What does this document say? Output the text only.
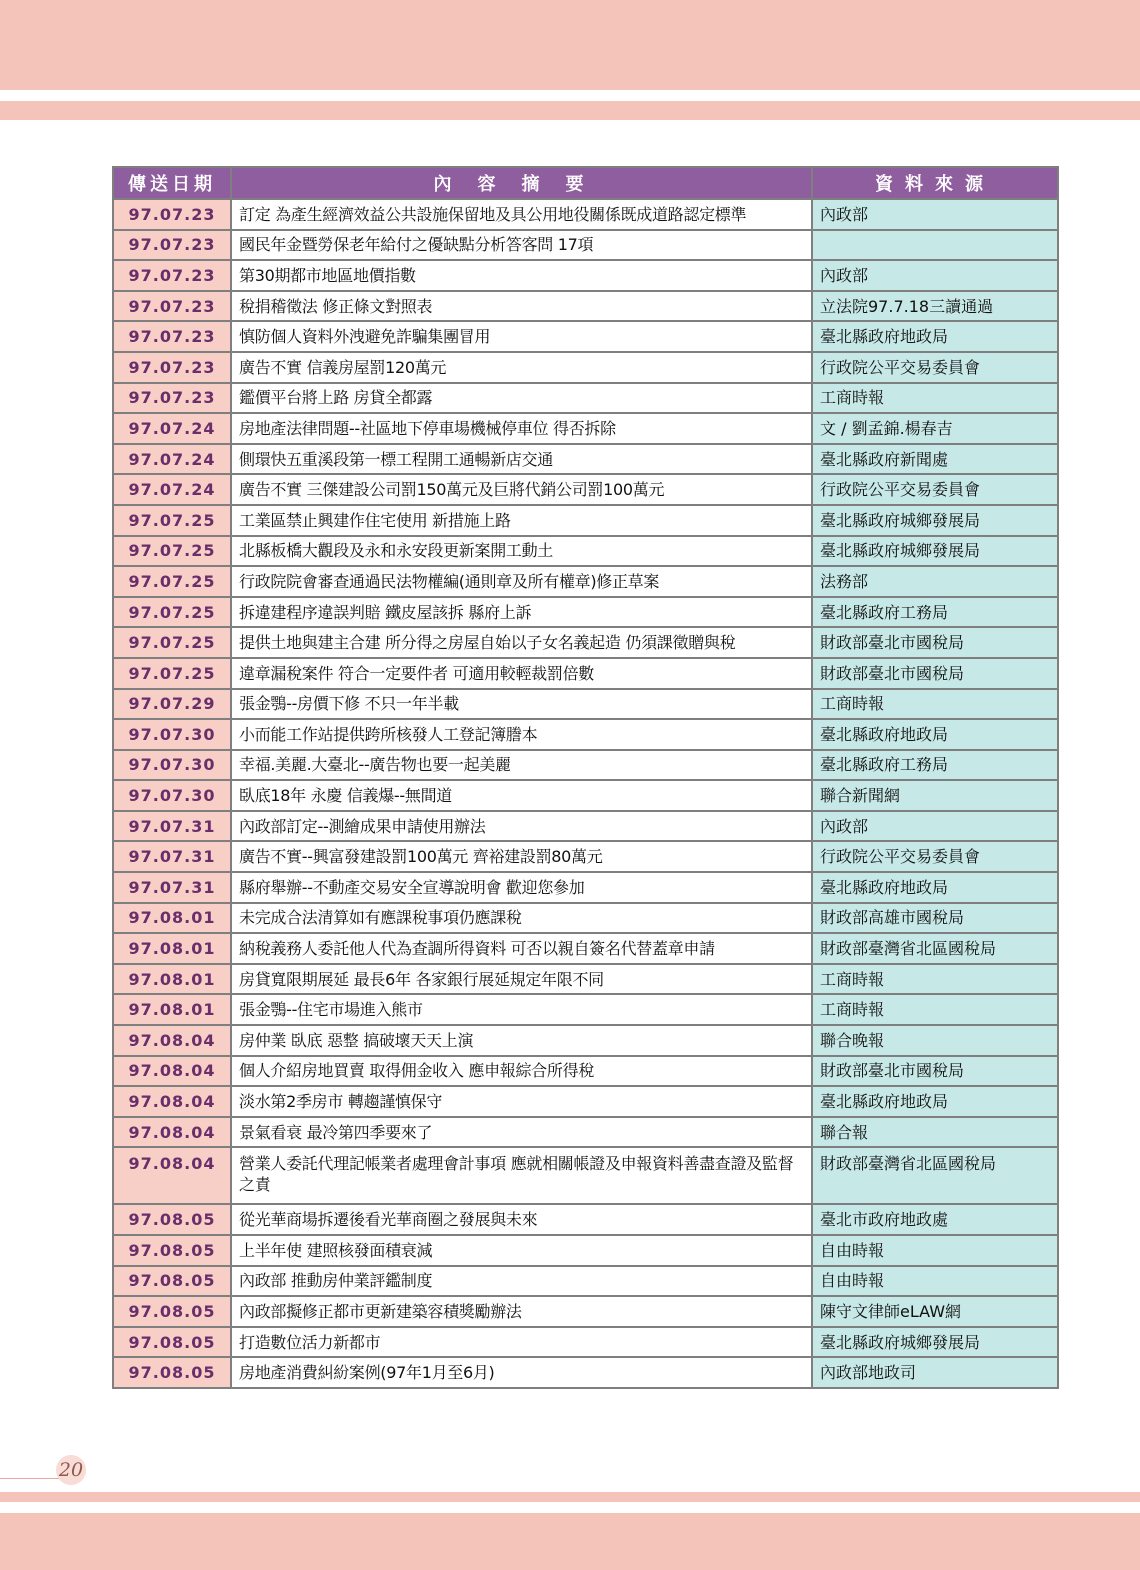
傳送日期	內容摘要	資料來源
97.07.23	訂定 為產生經濟效益公共設施保留地及具公用地役關係既成道路認定標準	內政部
97.07.23	國民年金暨勞保老年給付之優缺點分析答客問 17項	
97.07.23	第30期都市地區地價指數	內政部
97.07.23	稅捐稽徵法 修正條文對照表	立法院97.7.18三讀通過
97.07.23	慎防個人資料外洩避免詐騙集團冒用	臺北縣政府地政局
97.07.23	廣告不實 信義房屋罰120萬元	行政院公平交易委員會
97.07.23	鑑價平台將上路 房貸全都露	工商時報
97.07.24	房地產法律問題--社區地下停車場機械停車位 得否拆除	文 / 劉孟錦.楊春吉
97.07.24	側環快五重溪段第一標工程開工通暢新店交通	臺北縣政府新聞處
97.07.24	廣告不實 三傑建設公司罰150萬元及巨將代銷公司罰100萬元	行政院公平交易委員會
97.07.25	工業區禁止興建作住宅使用 新措施上路	臺北縣政府城鄉發展局
97.07.25	北縣板橋大觀段及永和永安段更新案開工動土	臺北縣政府城鄉發展局
97.07.25	行政院院會審查通過民法物權編(通則章及所有權章)修正草案	法務部
97.07.25	拆違建程序違誤判賠 鐵皮屋該拆 縣府上訴	臺北縣政府工務局
97.07.25	提供土地與建主合建 所分得之房屋自始以子女名義起造 仍須課徵贈與稅	財政部臺北市國稅局
97.07.25	違章漏稅案件 符合一定要件者 可適用較輕裁罰倍數	財政部臺北市國稅局
97.07.29	張金鶚--房價下修 不只一年半載	工商時報
97.07.30	小而能工作站提供跨所核發人工登記簿謄本	臺北縣政府地政局
97.07.30	幸福.美麗.大臺北--廣告物也要一起美麗	臺北縣政府工務局
97.07.30	臥底18年 永慶 信義爆--無間道	聯合新聞網
97.07.31	內政部訂定--測繪成果申請使用辦法	內政部
97.07.31	廣告不實--興富發建設罰100萬元 齊裕建設罰80萬元	行政院公平交易委員會
97.07.31	縣府舉辦--不動產交易安全宣導說明會 歡迎您參加	臺北縣政府地政局
97.08.01	未完成合法清算如有應課稅事項仍應課稅	財政部高雄市國稅局
97.08.01	納稅義務人委託他人代為查調所得資料 可否以親自簽名代替蓋章申請	財政部臺灣省北區國稅局
97.08.01	房貸寬限期展延 最長6年 各家銀行展延規定年限不同	工商時報
97.08.01	張金鶚--住宅市場進入熊市	工商時報
97.08.04	房仲業 臥底 惡整 搞破壞天天上演	聯合晚報
97.08.04	個人介紹房地買賣 取得佣金收入 應申報綜合所得稅	財政部臺北市國稅局
97.08.04	淡水第2季房市 轉趨謹慎保守	臺北縣政府地政局
97.08.04	景氣看衰 最冷第四季要來了	聯合報
97.08.04	營業人委託代理記帳業者處理會計事項 應就相關帳證及申報資料善盡查證及監督之責	財政部臺灣省北區國稅局
97.08.05	從光華商場拆遷後看光華商圈之發展與未來	臺北市政府地政處
97.08.05	上半年使 建照核發面積衰減	自由時報
97.08.05	內政部 推動房仲業評鑑制度	自由時報
97.08.05	內政部擬修正都市更新建築容積獎勵辦法	陳守文律師eLAW網
97.08.05	打造數位活力新都市	臺北縣政府城鄉發展局
97.08.05	房地產消費糾紛案例(97年1月至6月)	內政部地政司
20
